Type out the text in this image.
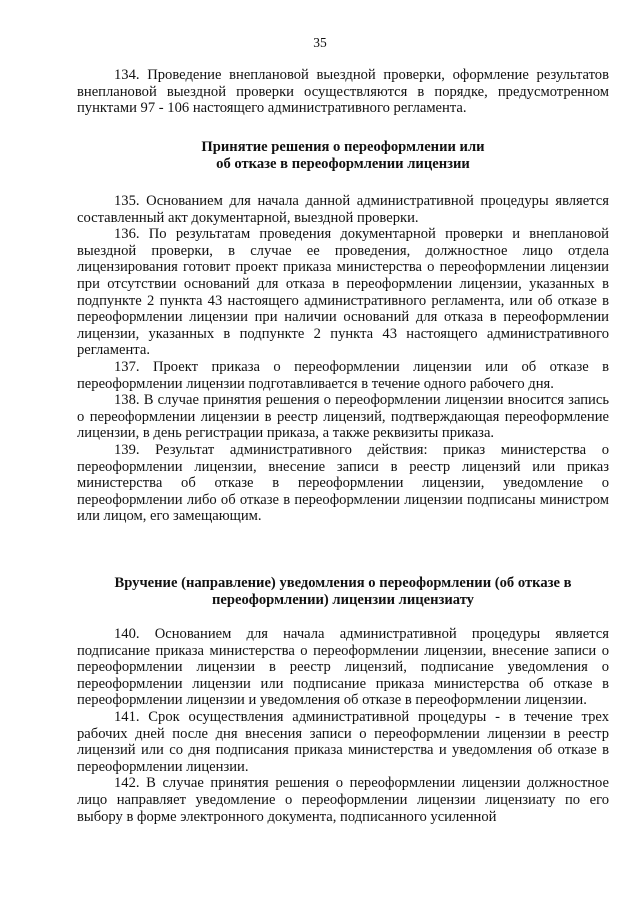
35

134. Проведение внеплановой выездной проверки, оформление результатов внеплановой выездной проверки осуществляются в порядке, предусмотренном пунктами 97 - 106 настоящего административного регламента.

Принятие решения о переоформлении или
об отказе в переоформлении лицензии

135. Основанием для начала данной административной процедуры является составленный акт документарной, выездной проверки.

136. По результатам проведения документарной проверки и внеплановой выездной проверки, в случае ее проведения, должностное лицо отдела лицензирования готовит проект приказа министерства о переоформлении лицензии при отсутствии оснований для отказа в переоформлении лицензии, указанных в подпункте 2 пункта 43 настоящего административного регламента, или об отказе в переоформлении лицензии при наличии оснований для отказа в переоформлении лицензии, указанных в подпункте 2 пункта 43 настоящего административного регламента.

137. Проект приказа о переоформлении лицензии или об отказе в переоформлении лицензии подготавливается в течение одного рабочего дня.

138. В случае принятия решения о переоформлении лицензии вносится запись о переоформлении лицензии в реестр лицензий, подтверждающая переоформление лицензии, в день регистрации приказа, а также реквизиты приказа.

139. Результат административного действия: приказ министерства о переоформлении лицензии, внесение записи в реестр лицензий или приказ министерства об отказе в переоформлении лицензии, уведомление о переоформлении либо об отказе в переоформлении лицензии подписаны министром или лицом, его замещающим.

Вручение (направление) уведомления о переоформлении (об отказе в
переоформлении) лицензии лицензиату

140. Основанием для начала административной процедуры является подписание приказа министерства о переоформлении лицензии, внесение записи о переоформлении лицензии в реестр лицензий, подписание уведомления о переоформлении лицензии или подписание приказа министерства об отказе в переоформлении лицензии и уведомления об отказе в переоформлении лицензии.

141. Срок осуществления административной процедуры - в течение трех рабочих дней после дня внесения записи о переоформлении лицензии в реестр лицензий или со дня подписания приказа министерства и уведомления об отказе в переоформлении лицензии.

142. В случае принятия решения о переоформлении лицензии должностное лицо направляет уведомление о переоформлении лицензии лицензиату по его выбору в форме электронного документа, подписанного усиленной
